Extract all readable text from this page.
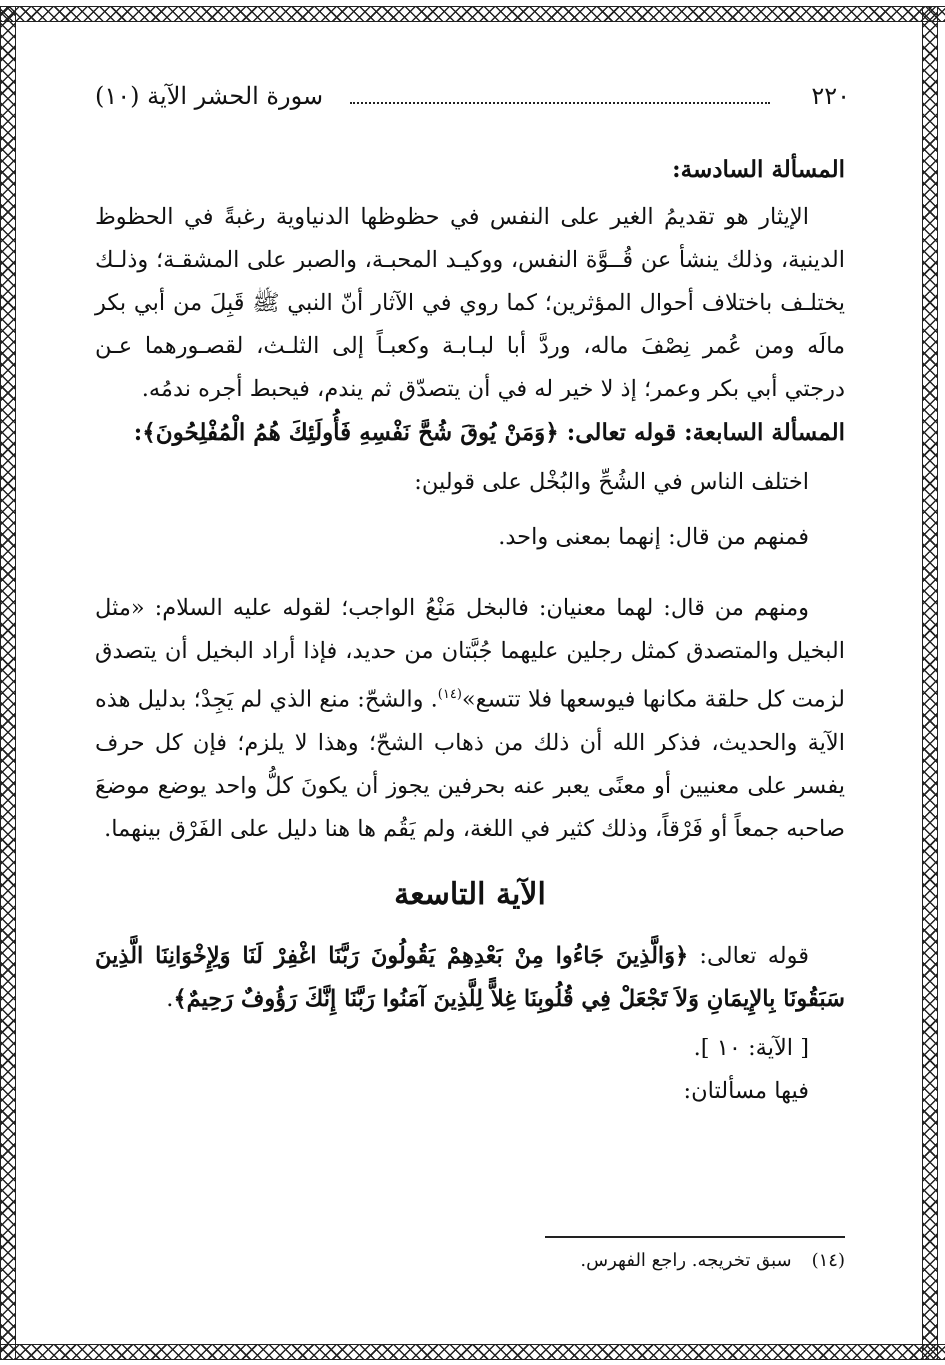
٢٢٠
سورة الحشر الآية (١٠)

المسألة السادسة:

الإيثار هو تقديمُ الغير على النفس في حظوظها الدنياوية رغبةً في الحظوظ الدينية، وذلك ينشأ عن قُــوَّة النفس، ووكيـد المحبـة، والصبر على المشقـة؛ وذلـك يختلـف باختلاف أحوال المؤثرين؛ كما روي في الآثار أنّ النبي ﷺ قَبِلَ من أبي بكر مالَه ومن عُمر نِصْفَ ماله، وردَّ أبا لبـابـة وكعبـاً إلى الثلـث، لقصـورهما عـن درجتي أبي بكر وعمر؛ إذ لا خير له في أن يتصدّق ثم يندم، فيحبط أجره ندمُه.

المسألة السابعة: قوله تعالى: ﴿وَمَنْ يُوقَ شُحَّ نَفْسِهِ فَأُولَئِكَ هُمُ الْمُفْلِحُونَ﴾:

اختلف الناس في الشُحِّ والبُخْل على قولين:

فمنهم من قال: إنهما بمعنى واحد.

ومنهم من قال: لهما معنيان: فالبخل مَنْعُ الواجب؛ لقوله عليه السلام: «مثل البخيل والمتصدق كمثل رجلين عليهما جُبَّتان من حديد، فإذا أراد البخيل أن يتصدق لزمت كل حلقة مكانها فيوسعها فلا تتسع»$^{(١٤)}$. والشحّ: منع الذي لم يَجِدْ؛ بدليل هذه الآية والحديث، فذكر الله أن ذلك من ذهاب الشحّ؛ وهذا لا يلزم؛ فإن كل حرف يفسر على معنيين أو معنًى يعبر عنه بحرفين يجوز أن يكونَ كلُّ واحد يوضع موضعَ صاحبه جمعاً أو فَرْقاً، وذلك كثير في اللغة، ولم يَقُم ها هنا دليل على الفَرْق بينهما.

الآية التاسعة

قوله تعالى: ﴿وَالَّذِينَ جَاءُوا مِنْ بَعْدِهِمْ يَقُولُونَ رَبَّنَا اغْفِرْ لَنَا وَلِإِخْوَانِنَا الَّذِينَ سَبَقُونَا بِالإِيمَانِ وَلاَ تَجْعَلْ فِي قُلُوبِنَا غِلاًّ لِلَّذِينَ آمَنُوا رَبَّنَا إِنَّكَ رَؤُوفٌ رَحِيمٌ﴾.

[ الآية: ١٠ ].

فيها مسألتان:

(١٤)سبق تخريجه. راجع الفهرس.
